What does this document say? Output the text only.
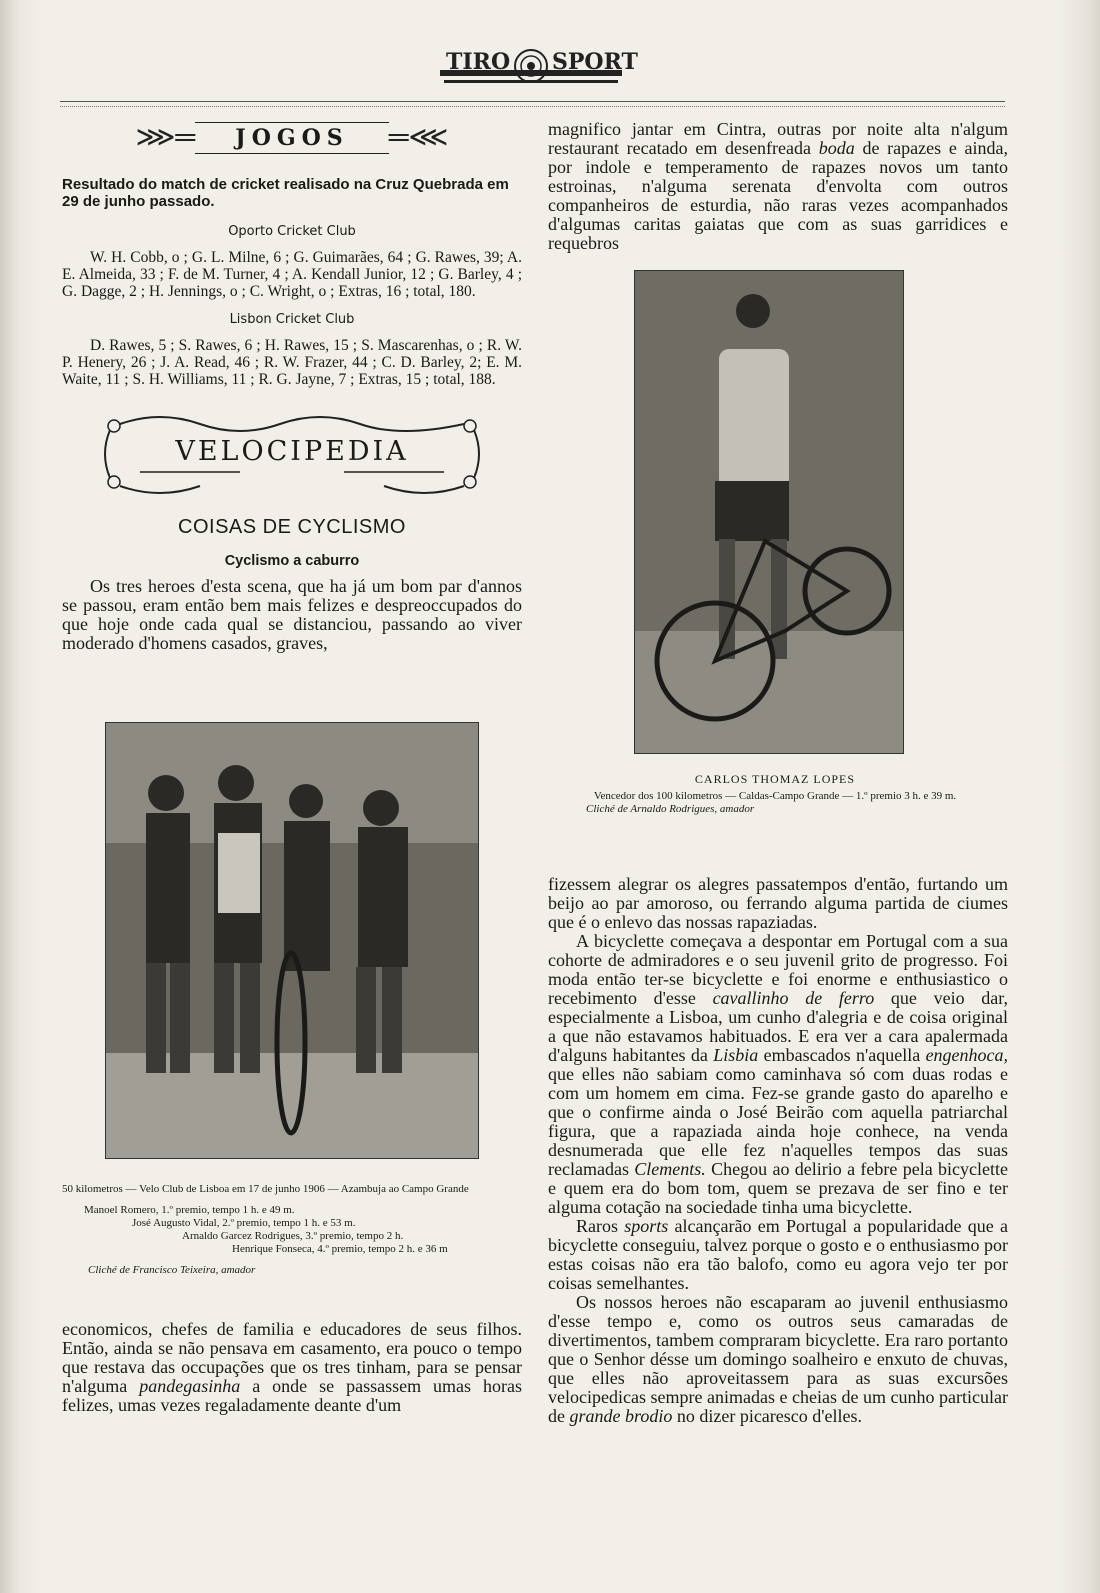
TIRO SPORT
⋙═	JOGOS	═⋘

Resultado do match de cricket realisado na Cruz Quebrada em 29 de junho passado.

Oporto Cricket Club

W. H. Cobb, o ; G. L. Milne, 6 ; G. Guimarães, 64 ; G. Rawes, 39; A. E. Almeida, 33 ; F. de M. Turner, 4 ; A. Kendall Junior, 12 ; G. Barley, 4 ; G. Dagge, 2 ; H. Jennings, o ; C. Wright, o ; Extras, 16 ; total, 180.

Lisbon Cricket Club

D. Rawes, 5 ; S. Rawes, 6 ; H. Rawes, 15 ; S. Mascarenhas, o ; R. W. P. Henery, 26 ; J. A. Read, 46 ; R. W. Frazer, 44 ; C. D. Barley, 2; E. M. Waite, 11 ; S. H. Williams, 11 ; R. G. Jayne, 7 ; Extras, 15 ; total, 188.

VELOCIPEDIA
COISAS DE CYCLISMO
Cyclismo a caburro

Os tres heroes d'esta scena, que ha já um bom par d'annos se passou, eram então bem mais felizes e despreoccupados do que hoje onde cada qual se distanciou, passando ao viver moderado d'homens casados, graves,

magnifico jantar em Cintra, outras por noite alta n'algum restaurant recatado em desenfreada boda de rapazes e ainda, por indole e temperamento de rapazes novos um tanto estroinas, n'alguma serenata d'envolta com outros companheiros de esturdia, não raras vezes acompanhados d'algumas caritas gaiatas que com as suas garridices e requebros

CARLOS THOMAZ LOPES
Vencedor dos 100 kilometros — Caldas-Campo Grande — 1.º premio 3 h. e 39 m.
Cliché de Arnaldo Rodrigues, amador

fizessem alegrar os alegres passatempos d'então, furtando um beijo ao par amoroso, ou ferrando alguma partida de ciumes que é o enlevo das nossas rapaziadas.

A bicyclette começava a despontar em Portugal com a sua cohorte de admiradores e o seu juvenil grito de progresso. Foi moda então ter-se bicyclette e foi enorme e enthusiastico o recebimento d'esse cavallinho de ferro que veio dar, especialmente a Lisboa, um cunho d'alegria e de coisa original a que não estavamos habituados. E era ver a cara apalermada d'alguns habitantes da Lisbia embascados n'aquella engenhoca, que elles não sabiam como caminhava só com duas rodas e com um homem em cima. Fez-se grande gasto do aparelho e que o confirme ainda o José Beirão com aquella patriarchal figura, que a rapaziada ainda hoje conhece, na venda desnumerada que elle fez n'aquelles tempos das suas reclamadas Clements. Chegou ao delirio a febre pela bicyclette e quem era do bom tom, quem se prezava de ser fino e ter alguma cotação na sociedade tinha uma bicyclette.

Raros sports alcançarão em Portugal a popularidade que a bicyclette conseguiu, talvez porque o gosto e o enthusiasmo por estas coisas não era tão balofo, como eu agora vejo ter por coisas semelhantes.

Os nossos heroes não escaparam ao juvenil enthusiasmo d'esse tempo e, como os outros seus camaradas de divertimentos, tambem compraram bicyclette. Era raro portanto que o Senhor désse um domingo soalheiro e enxuto de chuvas, que elles não aproveitassem para as suas excursões velocipedicas sempre animadas e cheias de um cunho particular de grande brodio no dizer picaresco d'elles.

50 kilometros — Velo Club de Lisboa em 17 de junho 1906 — Azambuja ao Campo Grande
Manoel Romero, 1.º premio, tempo 1 h. e 49 m.
José Augusto Vidal, 2.º premio, tempo 1 h. e 53 m.
Arnaldo Garcez Rodrigues, 3.º premio, tempo 2 h.
Henrique Fonseca, 4.º premio, tempo 2 h. e 36 m
Cliché de Francisco Teixeira, amador

economicos, chefes de familia e educadores de seus filhos. Então, ainda se não pensava em casamento, era pouco o tempo que restava das occupações que os tres tinham, para se pensar n'alguma pandegasinha a onde se passassem umas horas felizes, umas vezes regaladamente deante d'um
